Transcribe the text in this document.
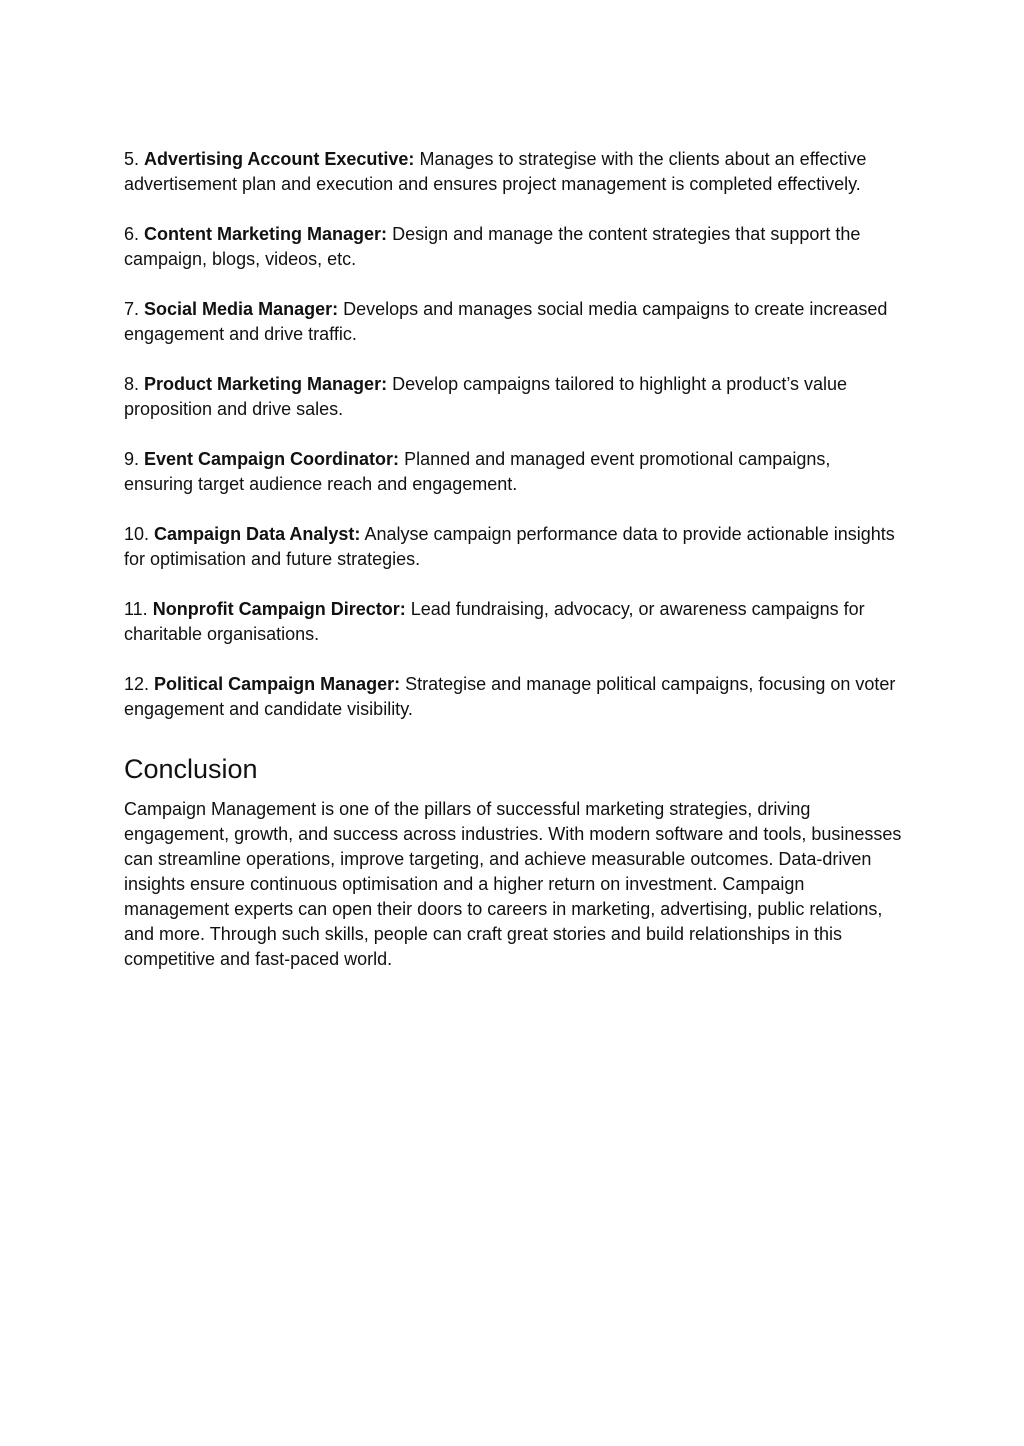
5. Advertising Account Executive: Manages to strategise with the clients about an effective advertisement plan and execution and ensures project management is completed effectively.

6. Content Marketing Manager: Design and manage the content strategies that support the campaign, blogs, videos, etc.

7. Social Media Manager: Develops and manages social media campaigns to create increased engagement and drive traffic.

8. Product Marketing Manager: Develop campaigns tailored to highlight a product’s value proposition and drive sales.

9. Event Campaign Coordinator: Planned and managed event promotional campaigns, ensuring target audience reach and engagement.

10. Campaign Data Analyst: Analyse campaign performance data to provide actionable insights for optimisation and future strategies.

11. Nonprofit Campaign Director: Lead fundraising, advocacy, or awareness campaigns for charitable organisations.

12. Political Campaign Manager: Strategise and manage political campaigns, focusing on voter engagement and candidate visibility.

Conclusion

Campaign Management is one of the pillars of successful marketing strategies, driving engagement, growth, and success across industries. With modern software and tools, businesses can streamline operations, improve targeting, and achieve measurable outcomes. Data-driven insights ensure continuous optimisation and a higher return on investment. Campaign management experts can open their doors to careers in marketing, advertising, public relations, and more. Through such skills, people can craft great stories and build relationships in this competitive and fast-paced world.
